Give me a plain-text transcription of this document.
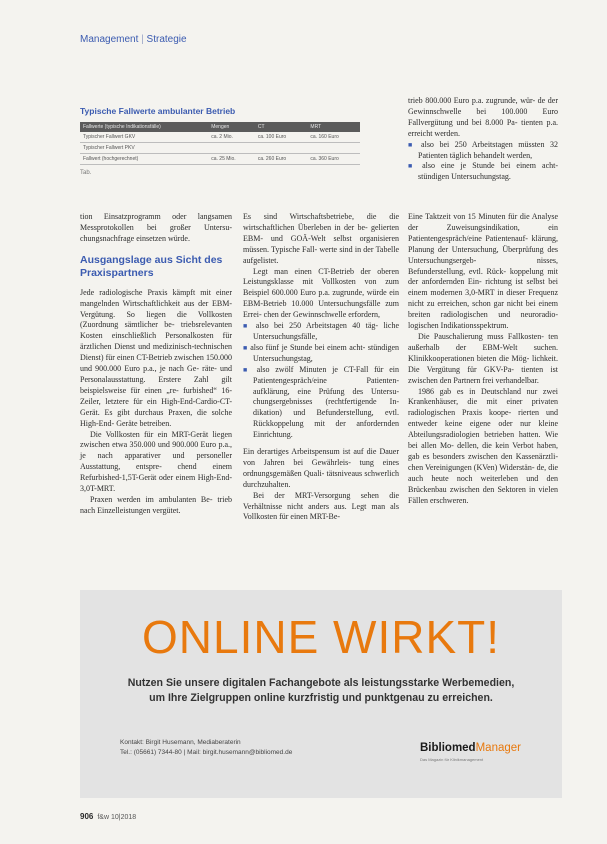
Management | Strategie
Typische Fallwerte ambulanter Betrieb
Fallwerte (typische Indikationsfälle)	Mengen	CT	MRT
Typischer Fallwert GKV	ca. 2 Mio.	ca. 100 Euro	ca. 160 Euro
Typischer Fallwert PKV			
Fallwert (hochgerechnet)	ca. 25 Mio.	ca. 260 Euro	ca. 360 Euro
Tab.

trieb 800.000 Euro p.a. zugrunde, wür- de der Gewinnschwelle bei 100.000 Euro Fallvergütung und bei 8.000 Pa- tienten p.a. erreicht werden.

■ also bei 250 Arbeitstagen müssten 32 Patienten täglich behandelt werden,

■ also eine je Stunde bei einem acht- stündigen Untersuchungstag.

tion Einsatzprogramm oder langsamen Messprotokollen bei großer Untersu- chungsnachfrage einsetzen würde.

Ausgangslage aus Sicht des Praxispartners

Jede radiologische Praxis kämpft mit einer mangelnden Wirtschaftlichkeit aus der EBM-Vergütung. So liegen die Vollkosten (Zuordnung sämtlicher be- triebsrelevanten Kosten einschließlich Personalkosten für ärztlichen Dienst und medizinisch-technischen Dienst) für einen CT-Betrieb zwischen 150.000 und 900.000 Euro p.a., je nach Ge- räte- und Personalausstattung. Erstere Zahl gilt beispielsweise für einen „re- furbished“ 16-Zeiler, letztere für ein High-End-Cardio-CT-Gerät. Es gibt durchaus Praxen, die solche High-End- Geräte betreiben.

Die Vollkosten für ein MRT-Gerät liegen zwischen etwa 350.000 und 900.000 Euro p.a., je nach apparativer und personeller Ausstattung, entspre- chend einem Refurbished-1,5T-Gerät oder einem High-End-3,0T-MRT.

Praxen werden im ambulanten Be- trieb nach Einzelleistungen vergütet.

Es sind Wirtschaftsbetriebe, die die wirtschaftlichen Überleben in der be- gelierten EBM- und GOÄ-Welt selbst organisieren müssen. Typische Fall- werte sind in der Tabelle aufgelistet.

Legt man einen CT-Betrieb der oberen Leistungsklasse mit Vollkosten von zum Beispiel 600.000 Euro p.a. zugrunde, würde ein EBM-Betrieb 10.000 Untersuchungsfälle zum Errei- chen der Gewinnschwelle erfordern,

■ also bei 250 Arbeitstagen 40 täg- liche Untersuchungsfälle,

■ also fünf je Stunde bei einem acht- stündigen Untersuchungstag,

■ also zwölf Minuten je CT-Fall für ein Patientengespräch/eine Patienten- aufklärung, eine Prüfung des Untersu- chungsergebnisses (rechtfertigende In- dikation) und Befunderstellung, evtl. Rückkoppelung mit der anfordernden Einrichtung.

Ein derartiges Arbeitspensum ist auf die Dauer von Jahren bei Gewährleis- tung eines ordnungsgemäßen Quali- tätsniveaus schwerlich durchzuhalten.

Bei der MRT-Versorgung sehen die Verhältnisse nicht anders aus. Legt man als Vollkosten für einen MRT-Be-

Eine Taktzeit von 15 Minuten für die Analyse der Zuweisungsindikation, ein Patientengespräch/eine Patientenauf- klärung, Planung der Untersuchung, Überprüfung des Untersuchungsergeb- nisses, Befunderstellung, evtl. Rück- koppelung mit der anfordernden Ein- richtung ist selbst bei einem modernen 3,0-MRT in dieser Frequenz nicht zu erreichen, schon gar nicht bei einem breiten radiologischen und neuroradio- logischen Indikationsspektrum.

Die Pauschalierung muss Fallkosten- ten außerhalb der EBM-Welt suchen. Klinikkooperationen bieten die Mög- lichkeit. Die Vergütung für GKV-Pa- tienten ist zwischen den Partnern frei verhandelbar.

1986 gab es in Deutschland nur zwei Krankenhäuser, die mit einer privaten radiologischen Praxis koope- rierten und entweder keine eigene oder nur kleine Abteilungsradiologien betrieben hatten. Wie bei allen Mo- dellen, die kein Verbot haben, gab es besonders zwischen den Kassenärztli- chen Vereinigungen (KVen) Widerstän- de, die auch heute noch weiterleben und den Brückenbau zwischen den Sektoren in vielen Fällen erschweren.

ONLINE WIRKT!
Nutzen Sie unsere digitalen Fachangebote als leistungsstarke Werbemedien,
um Ihre Zielgruppen online kurzfristig und punktgenau zu erreichen.
Kontakt: Birgit Husemann, Mediaberaterin
Tel.: (05661) 7344-80 | Mail: birgit.husemann@bibliomed.de	BibliomedManager
Das Magazin für Klinikmanagement
906 f&w 10|2018
